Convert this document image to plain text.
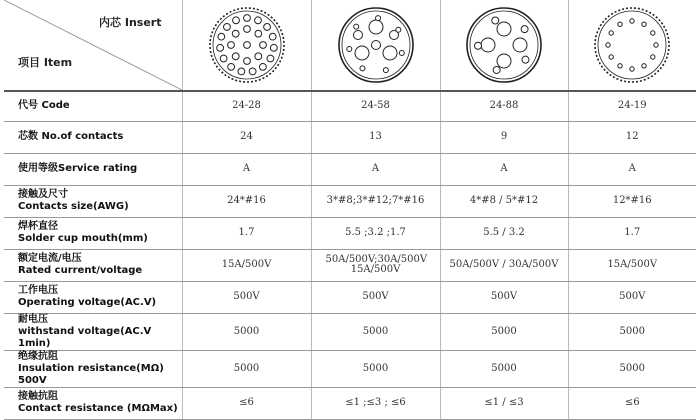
内芯 Insert
项目 Item

代号 Code	24-28	24-58	24-88	24-19
芯数 No.of contacts	24	13	9	12
使用等级Service rating	A	A	A	A

接触及尺寸
Contacts size(AWG)	24*#16	3*#8;3*#12;7*#16	4*#8 / 5*#12	12*#16

焊杯直径
Solder cup mouth(mm)	1.7	5.5 ;3.2 ;1.7	5.5 / 3.2	1.7

额定电流/电压
Rated current/voltage	15A/500V	50A/500V;30A/500V 15A/500V	50A/500V / 30A/500V	15A/500V

工作电压
Operating voltage(AC.V)	500V	500V	500V	500V

耐电压
withstand voltage(AC.V 1min)	5000	5000	5000	5000

绝缘抗阻
Insulation resistance(MΩ) 500V	5000	5000	5000	5000

接触抗阻
Contact resistance (MΩMax)	≤6	≤1 ;≤3 ; ≤6	≤1 / ≤3	≤6
